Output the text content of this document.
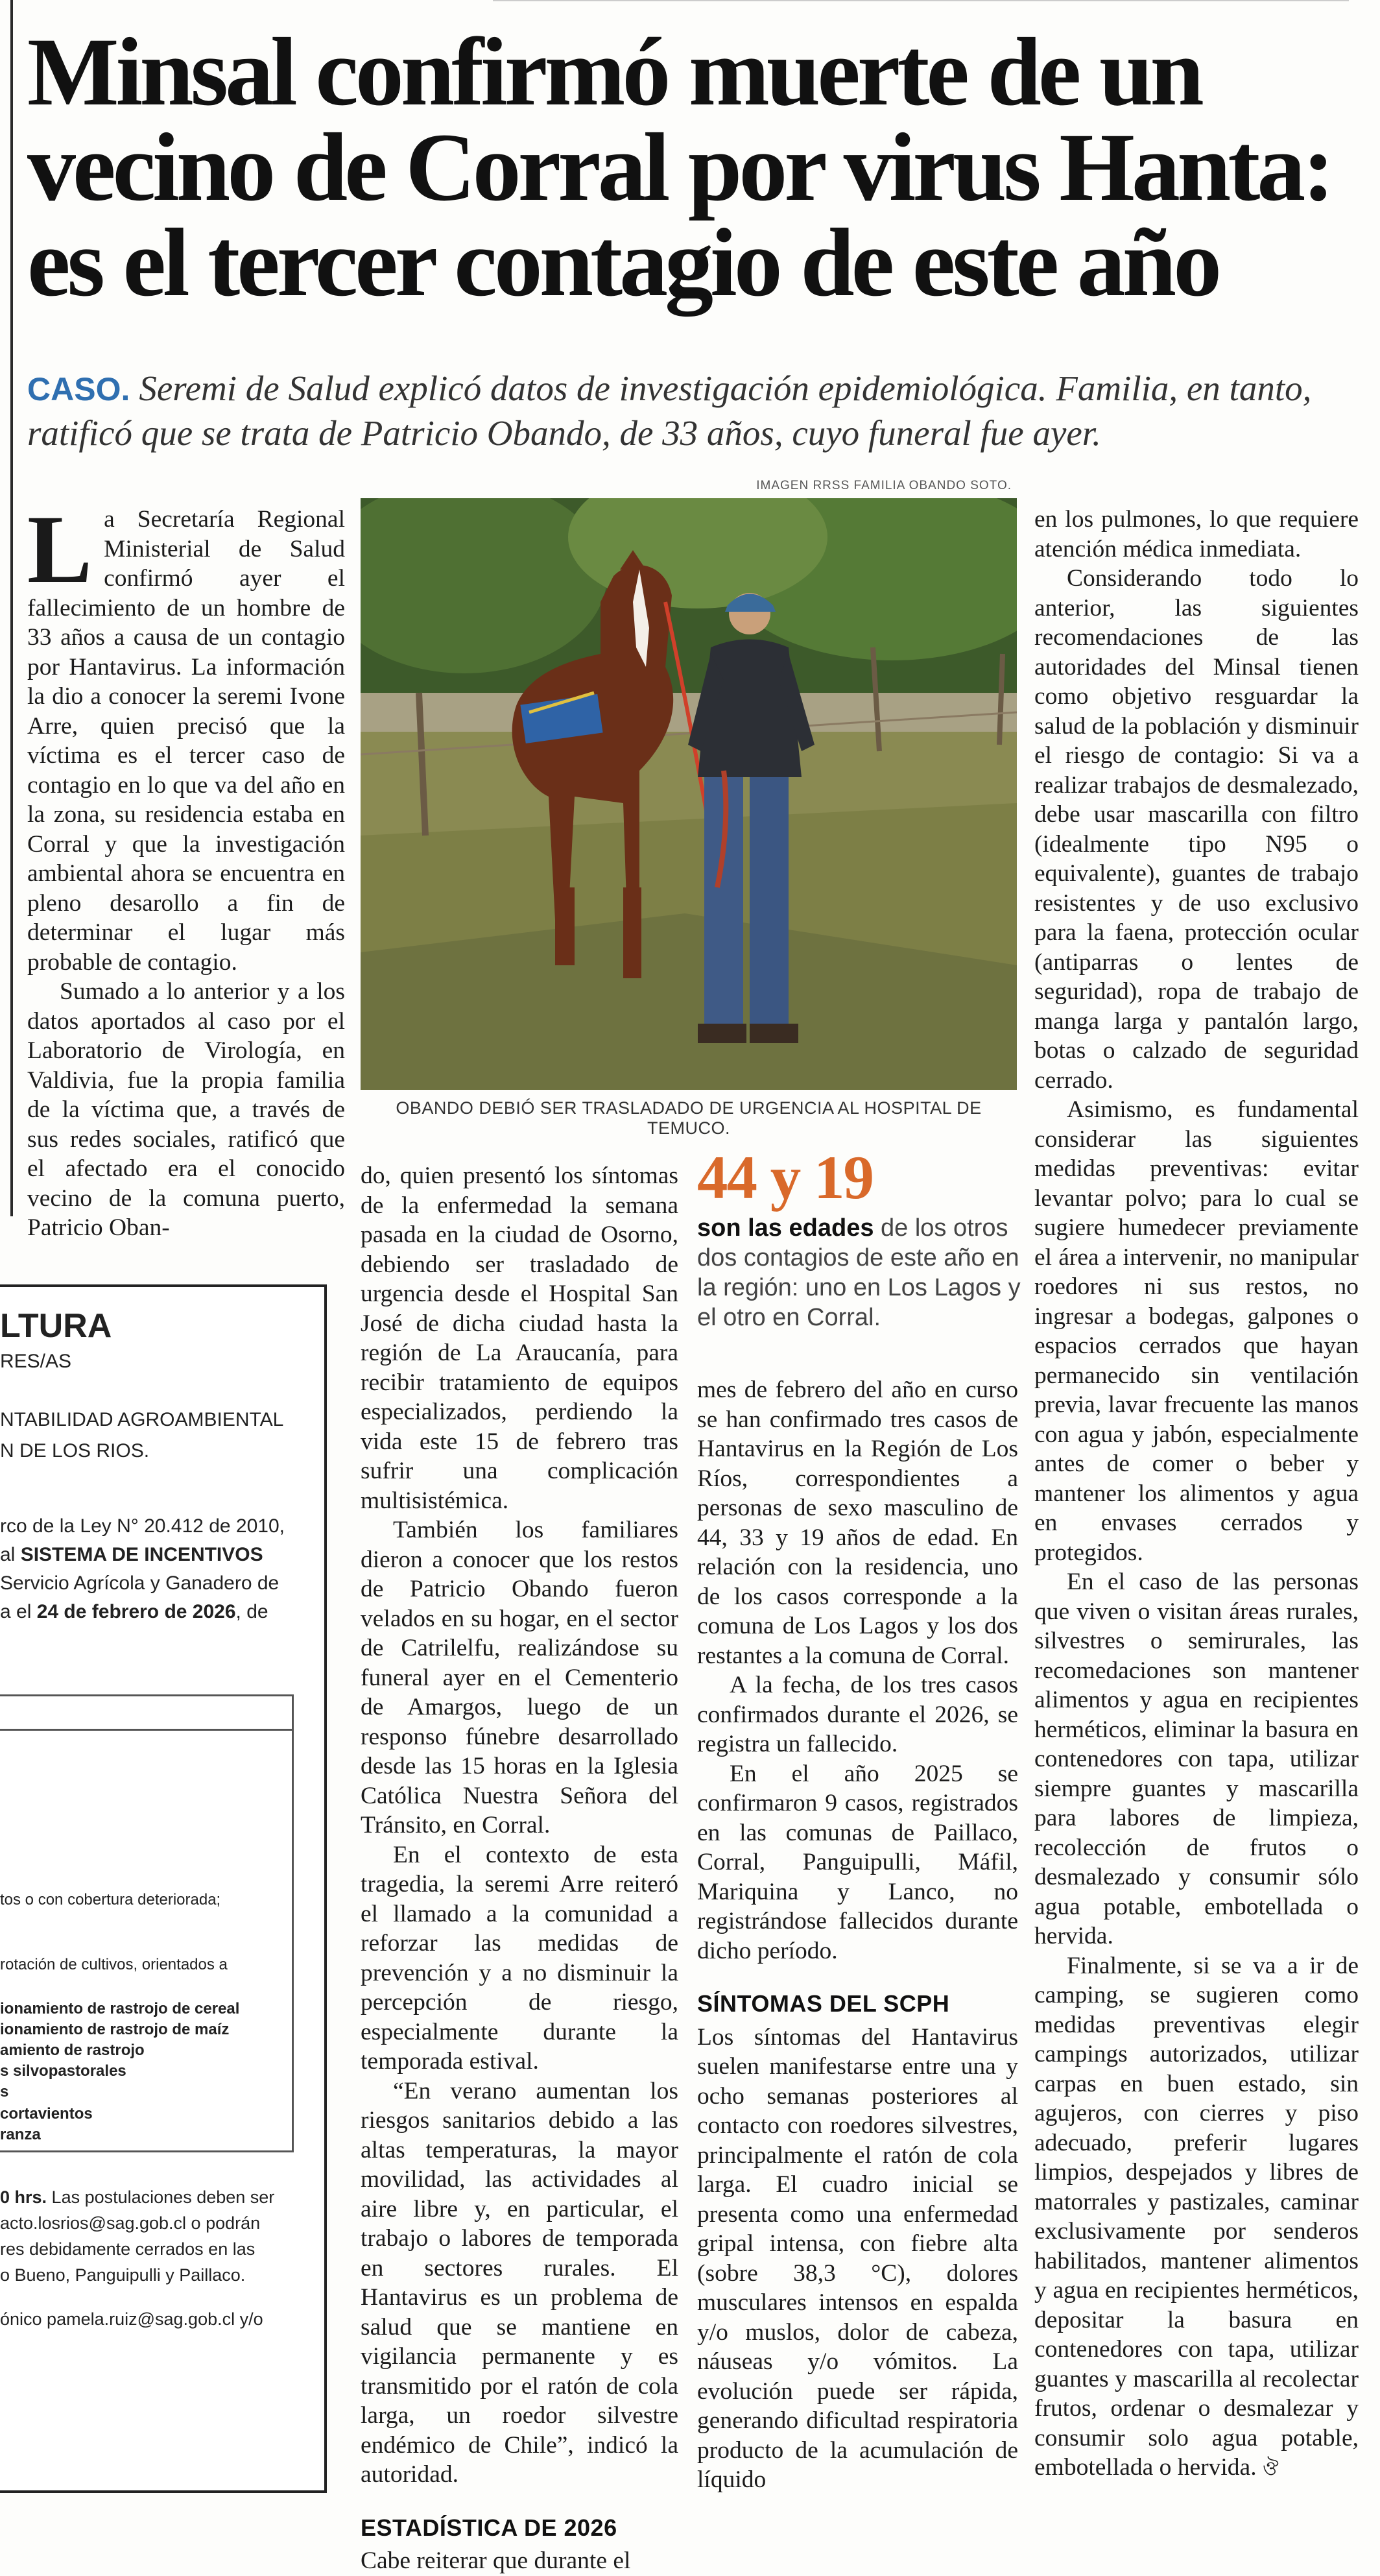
Minsal confirmó muerte de un
vecino de Corral por virus Hanta:
es el tercer contagio de este año
CASO. Seremi de Salud explicó datos de investigación epidemiológica. Familia, en tanto, ratificó que se trata de Patricio Obando, de 33 años, cuyo funeral fue ayer.

La Secretaría Regional Ministerial de Salud confirmó ayer el fallecimiento de un hombre de 33 años a causa de un contagio por Hantavirus. La información la dio a conocer la seremi Ivone Arre, quien precisó que la víctima es el tercer caso de contagio en lo que va del año en la zona, su residencia estaba en Corral y que la investigación ambiental ahora se encuentra en pleno desarollo a fin de determinar el lugar más probable de contagio.

Sumado a lo anterior y a los datos aportados al caso por el Laboratorio de Virología, en Valdivia, fue la propia familia de la víctima que, a través de sus redes sociales, ratificó que el afectado era el conocido vecino de la comuna puerto, Patricio Oban-

IMAGEN RRSS FAMILIA OBANDO SOTO.
OBANDO DEBIÓ SER TRASLADADO DE URGENCIA AL HOSPITAL DE TEMUCO.

do, quien presentó los síntomas de la enfermedad la semana pasada en la ciudad de Osorno, debiendo ser trasladado de urgencia desde el Hospital San José de dicha ciudad hasta la región de La Araucanía, para recibir tratamiento de equipos especializados, perdiendo la vida este 15 de febrero tras sufrir una complicación multisistémica.

También los familiares dieron a conocer que los restos de Patricio Obando fueron velados en su hogar, en el sector de Catrilelfu, realizándose su funeral ayer en el Cementerio de Amargos, luego de un responso fúnebre desarrollado desde las 15 horas en la Iglesia Católica Nuestra Señora del Tránsito, en Corral.

En el contexto de esta tragedia, la seremi Arre reiteró el llamado a la comunidad a reforzar las medidas de prevención y a no disminuir la percepción de riesgo, especialmente durante la temporada estival.

“En verano aumentan los riesgos sanitarios debido a las altas temperaturas, la mayor movilidad, las actividades al aire libre y, en particular, el trabajo o labores de temporada en sectores rurales. El Hantavirus es un problema de salud que se mantiene en vigilancia permanente y es transmitido por el ratón de cola larga, un roedor silvestre endémico de Chile”, indicó la autoridad.

ESTADÍSTICA DE 2026

Cabe reiterar que durante el

44 y 19
son las edades de los otros dos contagios de este año en la región: uno en Los Lagos y el otro en Corral.

mes de febrero del año en curso se han confirmado tres casos de Hantavirus en la Región de Los Ríos, correspondientes a personas de sexo masculino de 44, 33 y 19 años de edad. En relación con la residencia, uno de los casos corresponde a la comuna de Los Lagos y los dos restantes a la comuna de Corral.

A la fecha, de los tres casos confirmados durante el 2026, se registra un fallecido.

En el año 2025 se confirmaron 9 casos, registrados en las comunas de Paillaco, Corral, Panguipulli, Máfil, Mariquina y Lanco, no registrándose fallecidos durante dicho período.

SÍNTOMAS DEL SCPH

Los síntomas del Hantavirus suelen manifestarse entre una y ocho semanas posteriores al contacto con roedores silvestres, principalmente el ratón de cola larga. El cuadro inicial se presenta como una enfermedad gripal intensa, con fiebre alta (sobre 38,3 °C), dolores musculares intensos en espalda y/o muslos, dolor de cabeza, náuseas y/o vómitos. La evolución puede ser rápida, generando dificultad respiratoria producto de la acumulación de líquido

en los pulmones, lo que requiere atención médica inmediata.

Considerando todo lo anterior, las siguientes recomendaciones de las autoridades del Minsal tienen como objetivo resguardar la salud de la población y disminuir el riesgo de contagio: Si va a realizar trabajos de desmalezado, debe usar mascarilla con filtro (idealmente tipo N95 o equivalente), guantes de trabajo resistentes y de uso exclusivo para la faena, protección ocular (antiparras o lentes de seguridad), ropa de trabajo de manga larga y pantalón largo, botas o calzado de seguridad cerrado.

Asimismo, es fundamental considerar las siguientes medidas preventivas: evitar levantar polvo; para lo cual se sugiere humedecer previamente el área a intervenir, no manipular roedores ni sus restos, no ingresar a bodegas, galpones o espacios cerrados que hayan permanecido sin ventilación previa, lavar frecuente las manos con agua y jabón, especialmente antes de comer o beber y mantener los alimentos y agua en envases cerrados y protegidos.

En el caso de las personas que viven o visitan áreas rurales, silvestres o semirurales, las recomedaciones son mantener alimentos y agua en recipientes herméticos, eliminar la basura en contenedores con tapa, utilizar siempre guantes y mascarilla para labores de limpieza, recolección de frutos o desmalezado y consumir sólo agua potable, embotellada o hervida.

Finalmente, si se va a ir de camping, se sugieren como medidas preventivas elegir campings autorizados, utilizar carpas en buen estado, sin agujeros, con cierres y piso adecuado, preferir lugares limpios, despejados y libres de matorrales y pastizales, caminar exclusivamente por senderos habilitados, mantener alimentos y agua en recipientes herméticos, depositar la basura en contenedores con tapa, utilizar guantes y mascarilla al recolectar frutos, ordenar o desmalezar y consumir solo agua potable, embotellada o hervida. ঔ

LTURA
RES/AS
NTABILIDAD AGROAMBIENTAL
N DE LOS RIOS.
rco de la Ley N° 20.412 de 2010,
al SISTEMA DE INCENTIVOS
Servicio Agrícola y Ganadero de
a el 24 de febrero de 2026, de
tos o con cobertura deteriorada;
rotación de cultivos, orientados a
ionamiento de rastrojo de cereal
ionamiento de rastrojo de maíz
amiento de rastrojo
s silvopastorales
s
cortavientos
ranza
0 hrs. Las postulaciones deben ser
acto.losrios@sag.gob.cl o podrán
res debidamente cerrados en las
o Bueno, Panguipulli y Paillaco.
ónico pamela.ruiz@sag.gob.cl y/o
